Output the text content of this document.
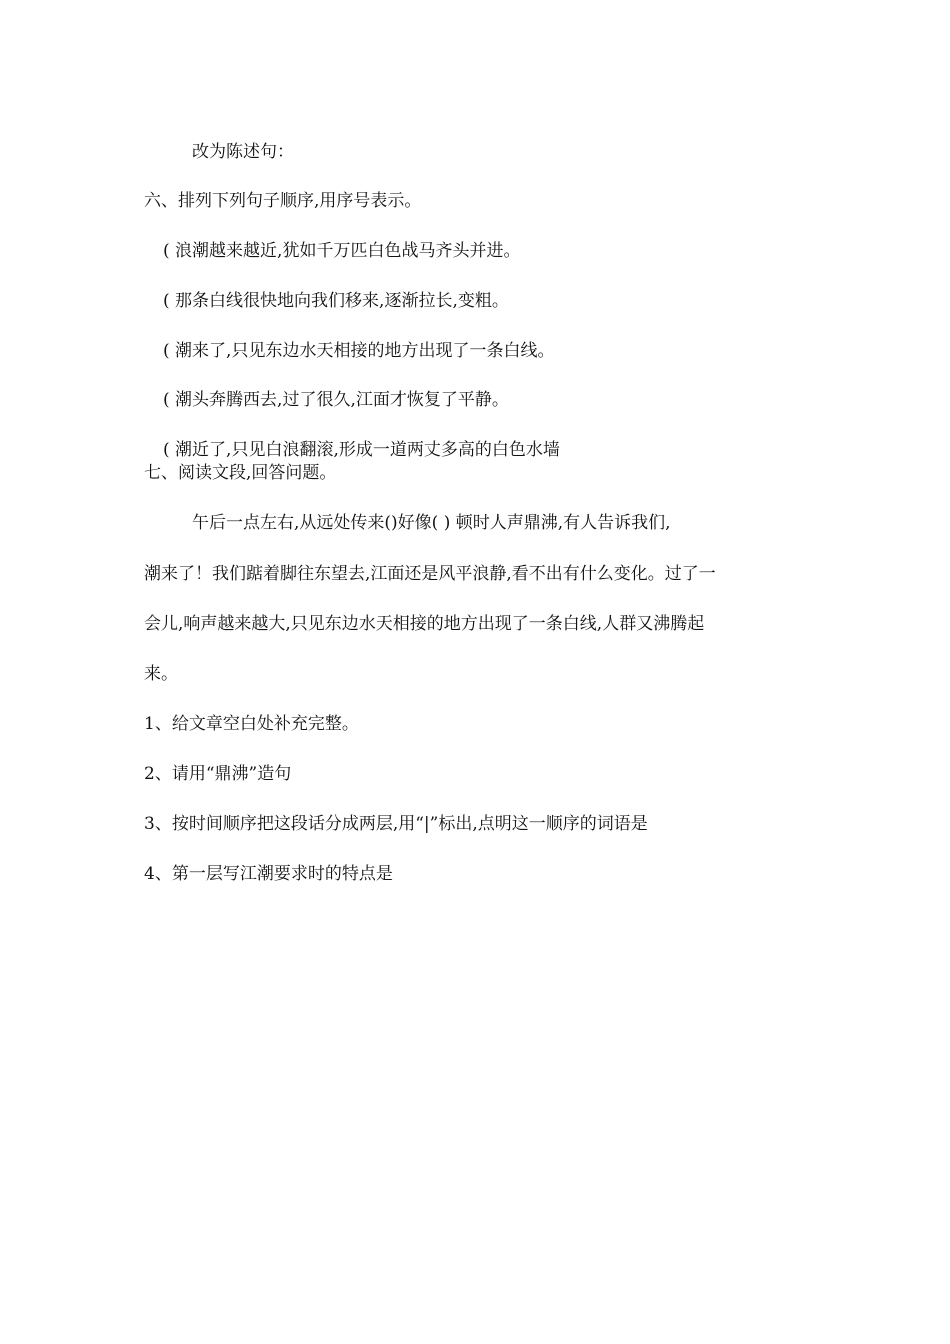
改为陈述句：
六、排列下列句子顺序,用序号表示。
( 浪潮越来越近,犹如千万匹白色战马齐头并进。
( 那条白线很快地向我们移来,逐渐拉长,变粗。
( 潮来了,只见东边水天相接的地方出现了一条白线。
( 潮头奔腾西去,过了很久,江面才恢复了平静。
( 潮近了,只见白浪翻滚,形成一道两丈多高的白色水墙
七、阅读文段,回答问题。
午后一点左右,从远处传来()好像( ) 顿时人声鼎沸,有人告诉我们,
潮来了！我们踮着脚往东望去,江面还是风平浪静,看不出有什么变化。过了一
会儿,响声越来越大,只见东边水天相接的地方出现了一条白线,人群又沸腾起
来。
1、给文章空白处补充完整。
2、请用“鼎沸”造句
3、按时间顺序把这段话分成两层,用“|”标出,点明这一顺序的词语是
4、第一层写江潮要求时的特点是
